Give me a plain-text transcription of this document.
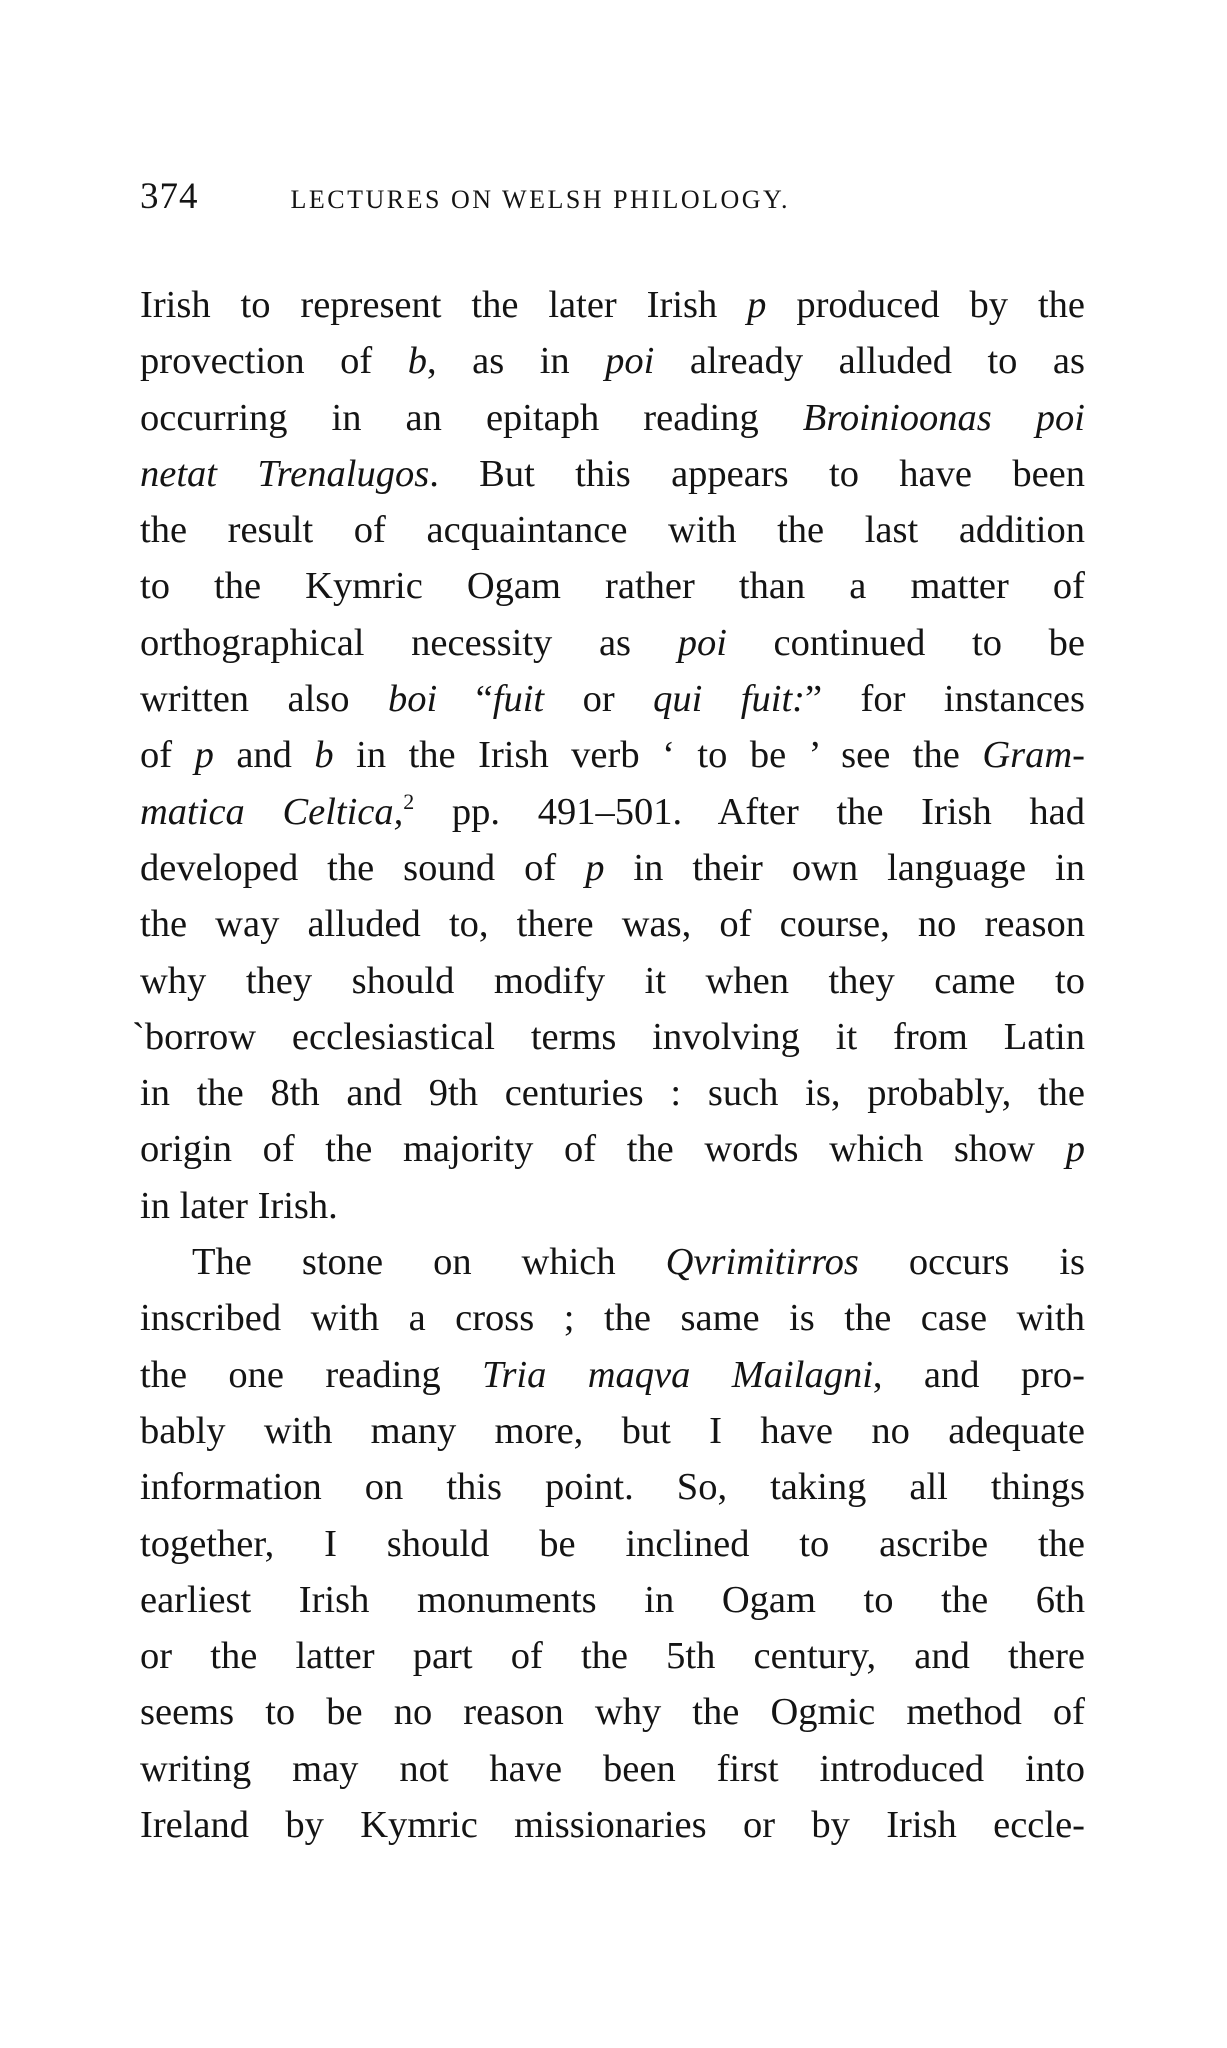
374	LECTURES ON WELSH PHILOLOGY.
Irish to represent the later Irish p produced by the
provection of b, as in poi already alluded to as
occurring in an epitaph reading Broinioonas poi
netat Trenalugos. But this appears to have been
the result of acquaintance with the last addition
to the Kymric Ogam rather than a matter of
orthographical necessity as poi continued to be
written also boi “fuit or qui fuit:” for instances
of p and b in the Irish verb ‘ to be ’ see the Gram-
matica Celtica,$^2$ pp. 491–501. After the Irish had
developed the sound of p in their own language in
the way alluded to, there was, of course, no reason
why they should modify it when they came to
`borrow ecclesiastical terms involving it from Latin
in the 8th and 9th centuries : such is, probably, the
origin of the majority of the words which show p
in later Irish.
The stone on which Qvrimitirros occurs is
inscribed with a cross ; the same is the case with
the one reading Tria maqva Mailagni, and pro-
bably with many more, but I have no adequate
information on this point. So, taking all things
together, I should be inclined to ascribe the
earliest Irish monuments in Ogam to the 6th
or the latter part of the 5th century, and there
seems to be no reason why the Ogmic method of
writing may not have been first introduced into
Ireland by Kymric missionaries or by Irish eccle-
